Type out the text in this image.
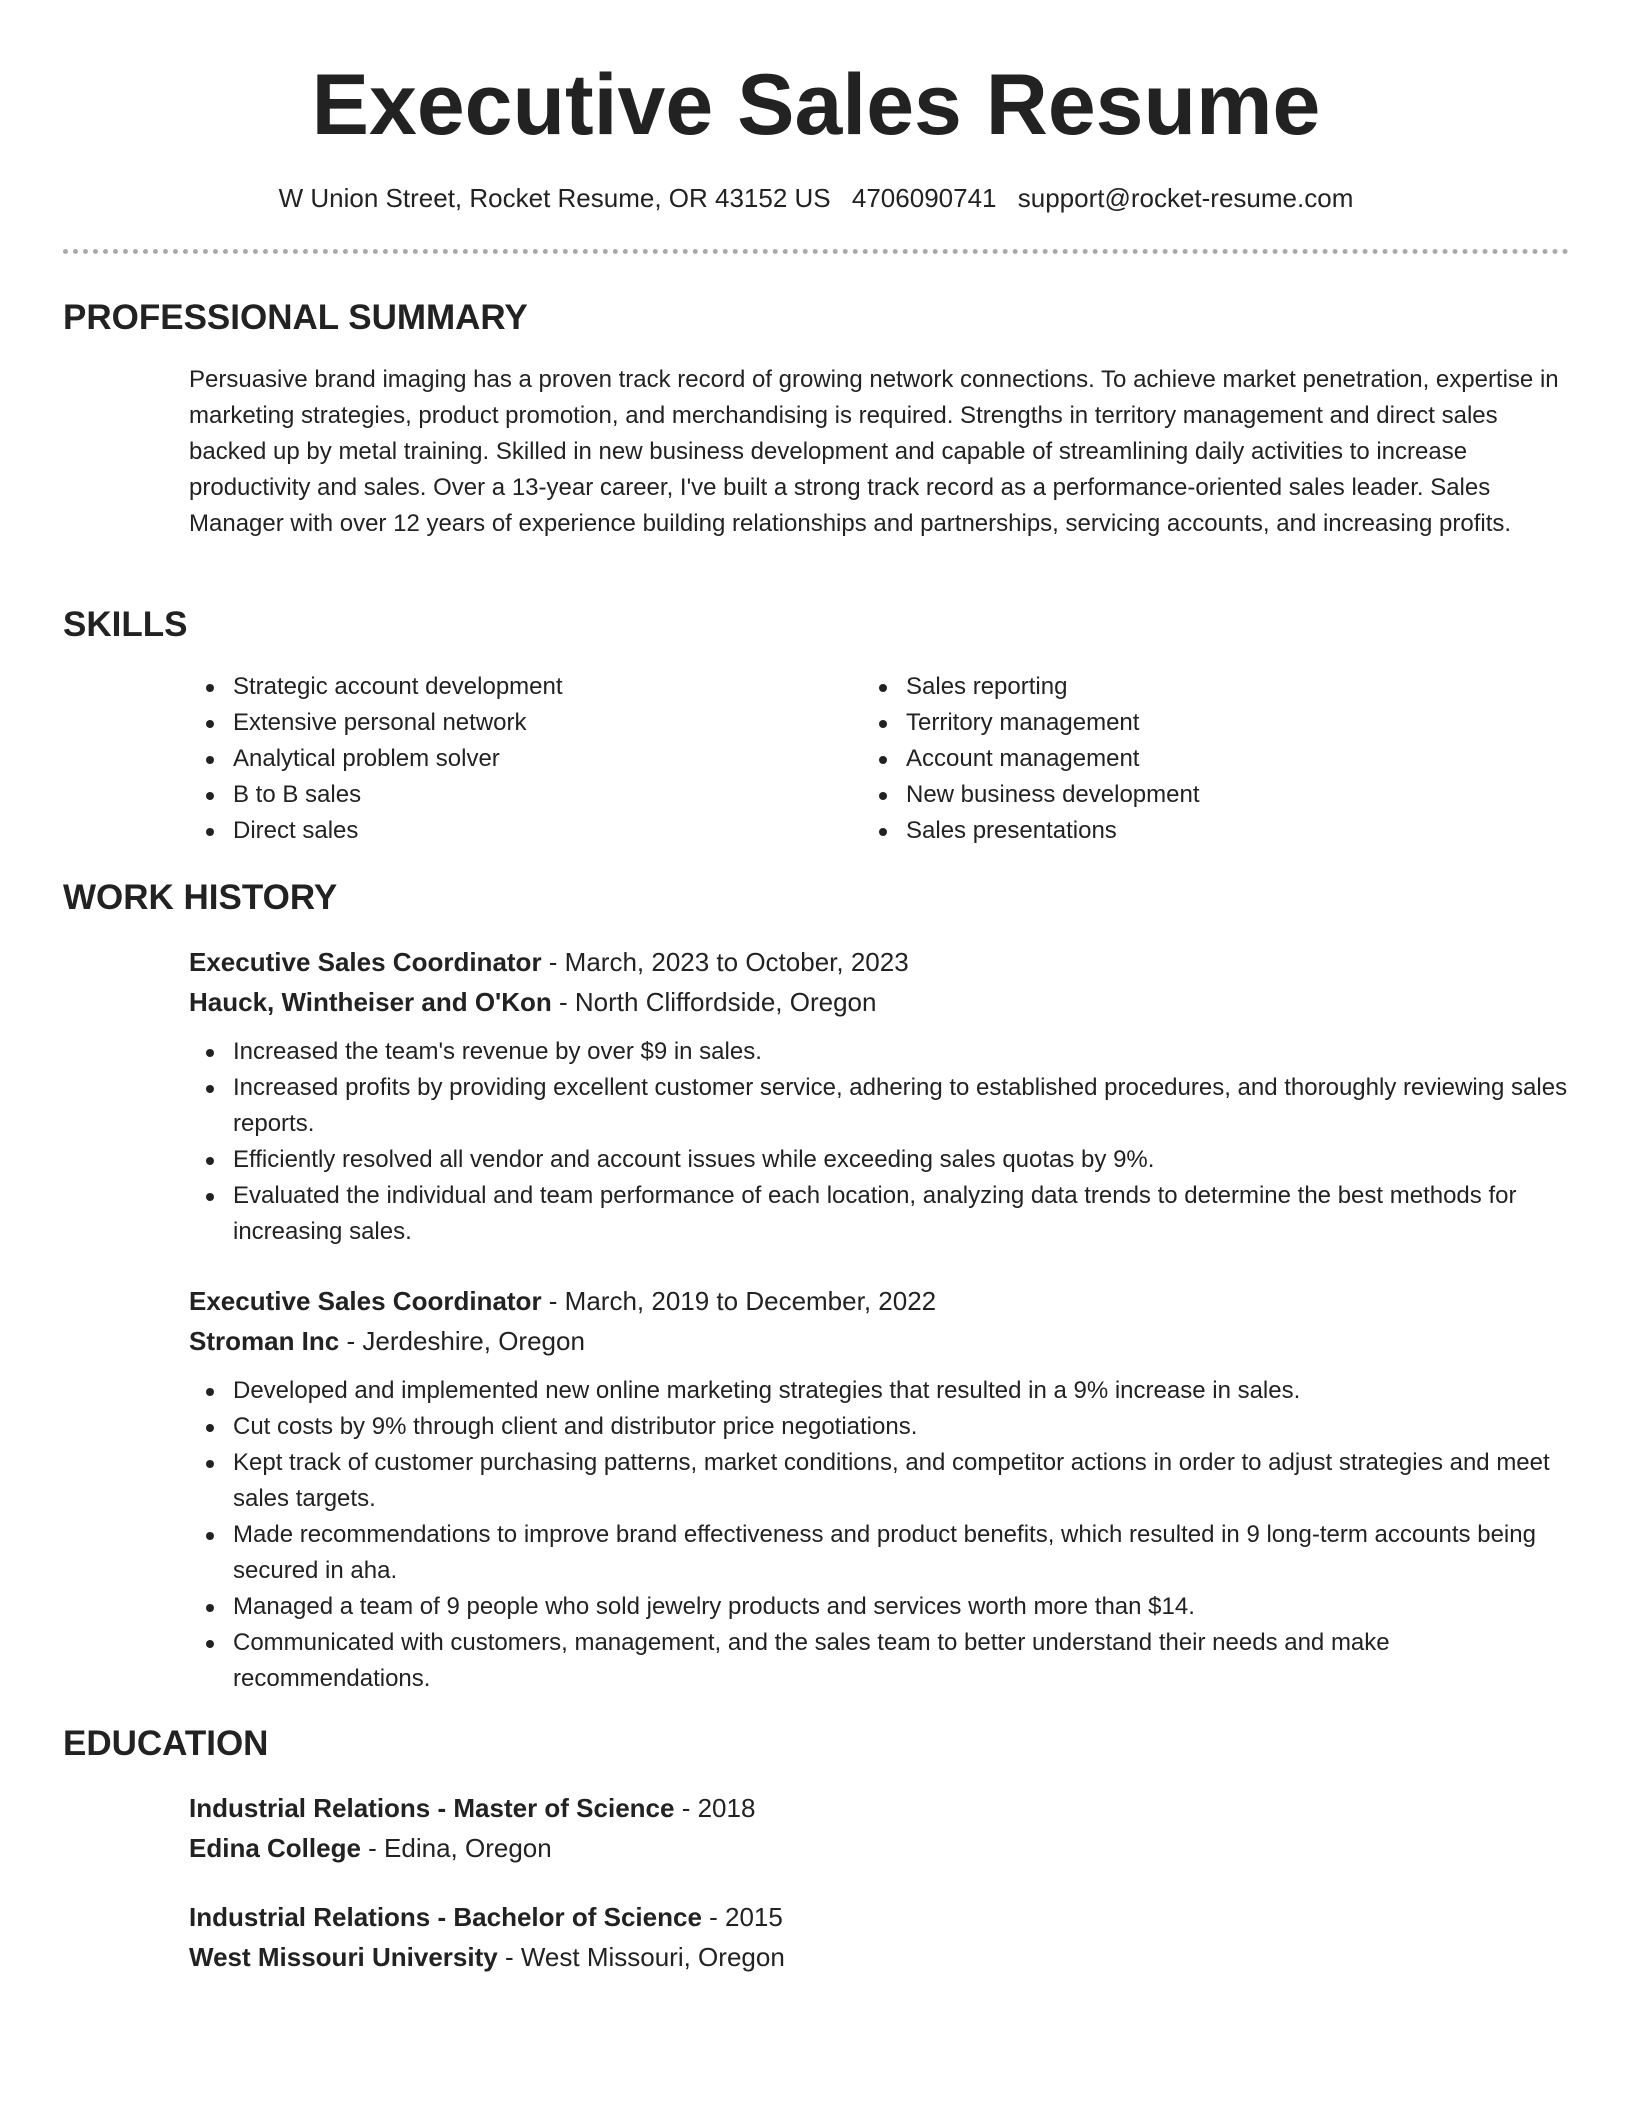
Executive Sales Resume
W Union Street, Rocket Resume, OR 43152 US 4706090741 support@rocket-resume.com
PROFESSIONAL SUMMARY
Persuasive brand imaging has a proven track record of growing network connections. To achieve market penetration, expertise in marketing strategies, product promotion, and merchandising is required. Strengths in territory management and direct sales backed up by metal training. Skilled in new business development and capable of streamlining daily activities to increase productivity and sales. Over a 13-year career, I've built a strong track record as a performance-oriented sales leader. Sales Manager with over 12 years of experience building relationships and partnerships, servicing accounts, and increasing profits.
SKILLS
Strategic account development
Extensive personal network
Analytical problem solver
B to B sales
Direct sales
Sales reporting
Territory management
Account management
New business development
Sales presentations
WORK HISTORY
Executive Sales Coordinator - March, 2023 to October, 2023
Hauck, Wintheiser and O'Kon - North Cliffordside, Oregon
Increased the team's revenue by over $9 in sales.
Increased profits by providing excellent customer service, adhering to established procedures, and thoroughly reviewing sales reports.
Efficiently resolved all vendor and account issues while exceeding sales quotas by 9%.
Evaluated the individual and team performance of each location, analyzing data trends to determine the best methods for increasing sales.
Executive Sales Coordinator - March, 2019 to December, 2022
Stroman Inc - Jerdeshire, Oregon
Developed and implemented new online marketing strategies that resulted in a 9% increase in sales.
Cut costs by 9% through client and distributor price negotiations.
Kept track of customer purchasing patterns, market conditions, and competitor actions in order to adjust strategies and meet sales targets.
Made recommendations to improve brand effectiveness and product benefits, which resulted in 9 long-term accounts being secured in aha.
Managed a team of 9 people who sold jewelry products and services worth more than $14.
Communicated with customers, management, and the sales team to better understand their needs and make recommendations.
EDUCATION
Industrial Relations - Master of Science - 2018
Edina College - Edina, Oregon
Industrial Relations - Bachelor of Science - 2015
West Missouri University - West Missouri, Oregon
